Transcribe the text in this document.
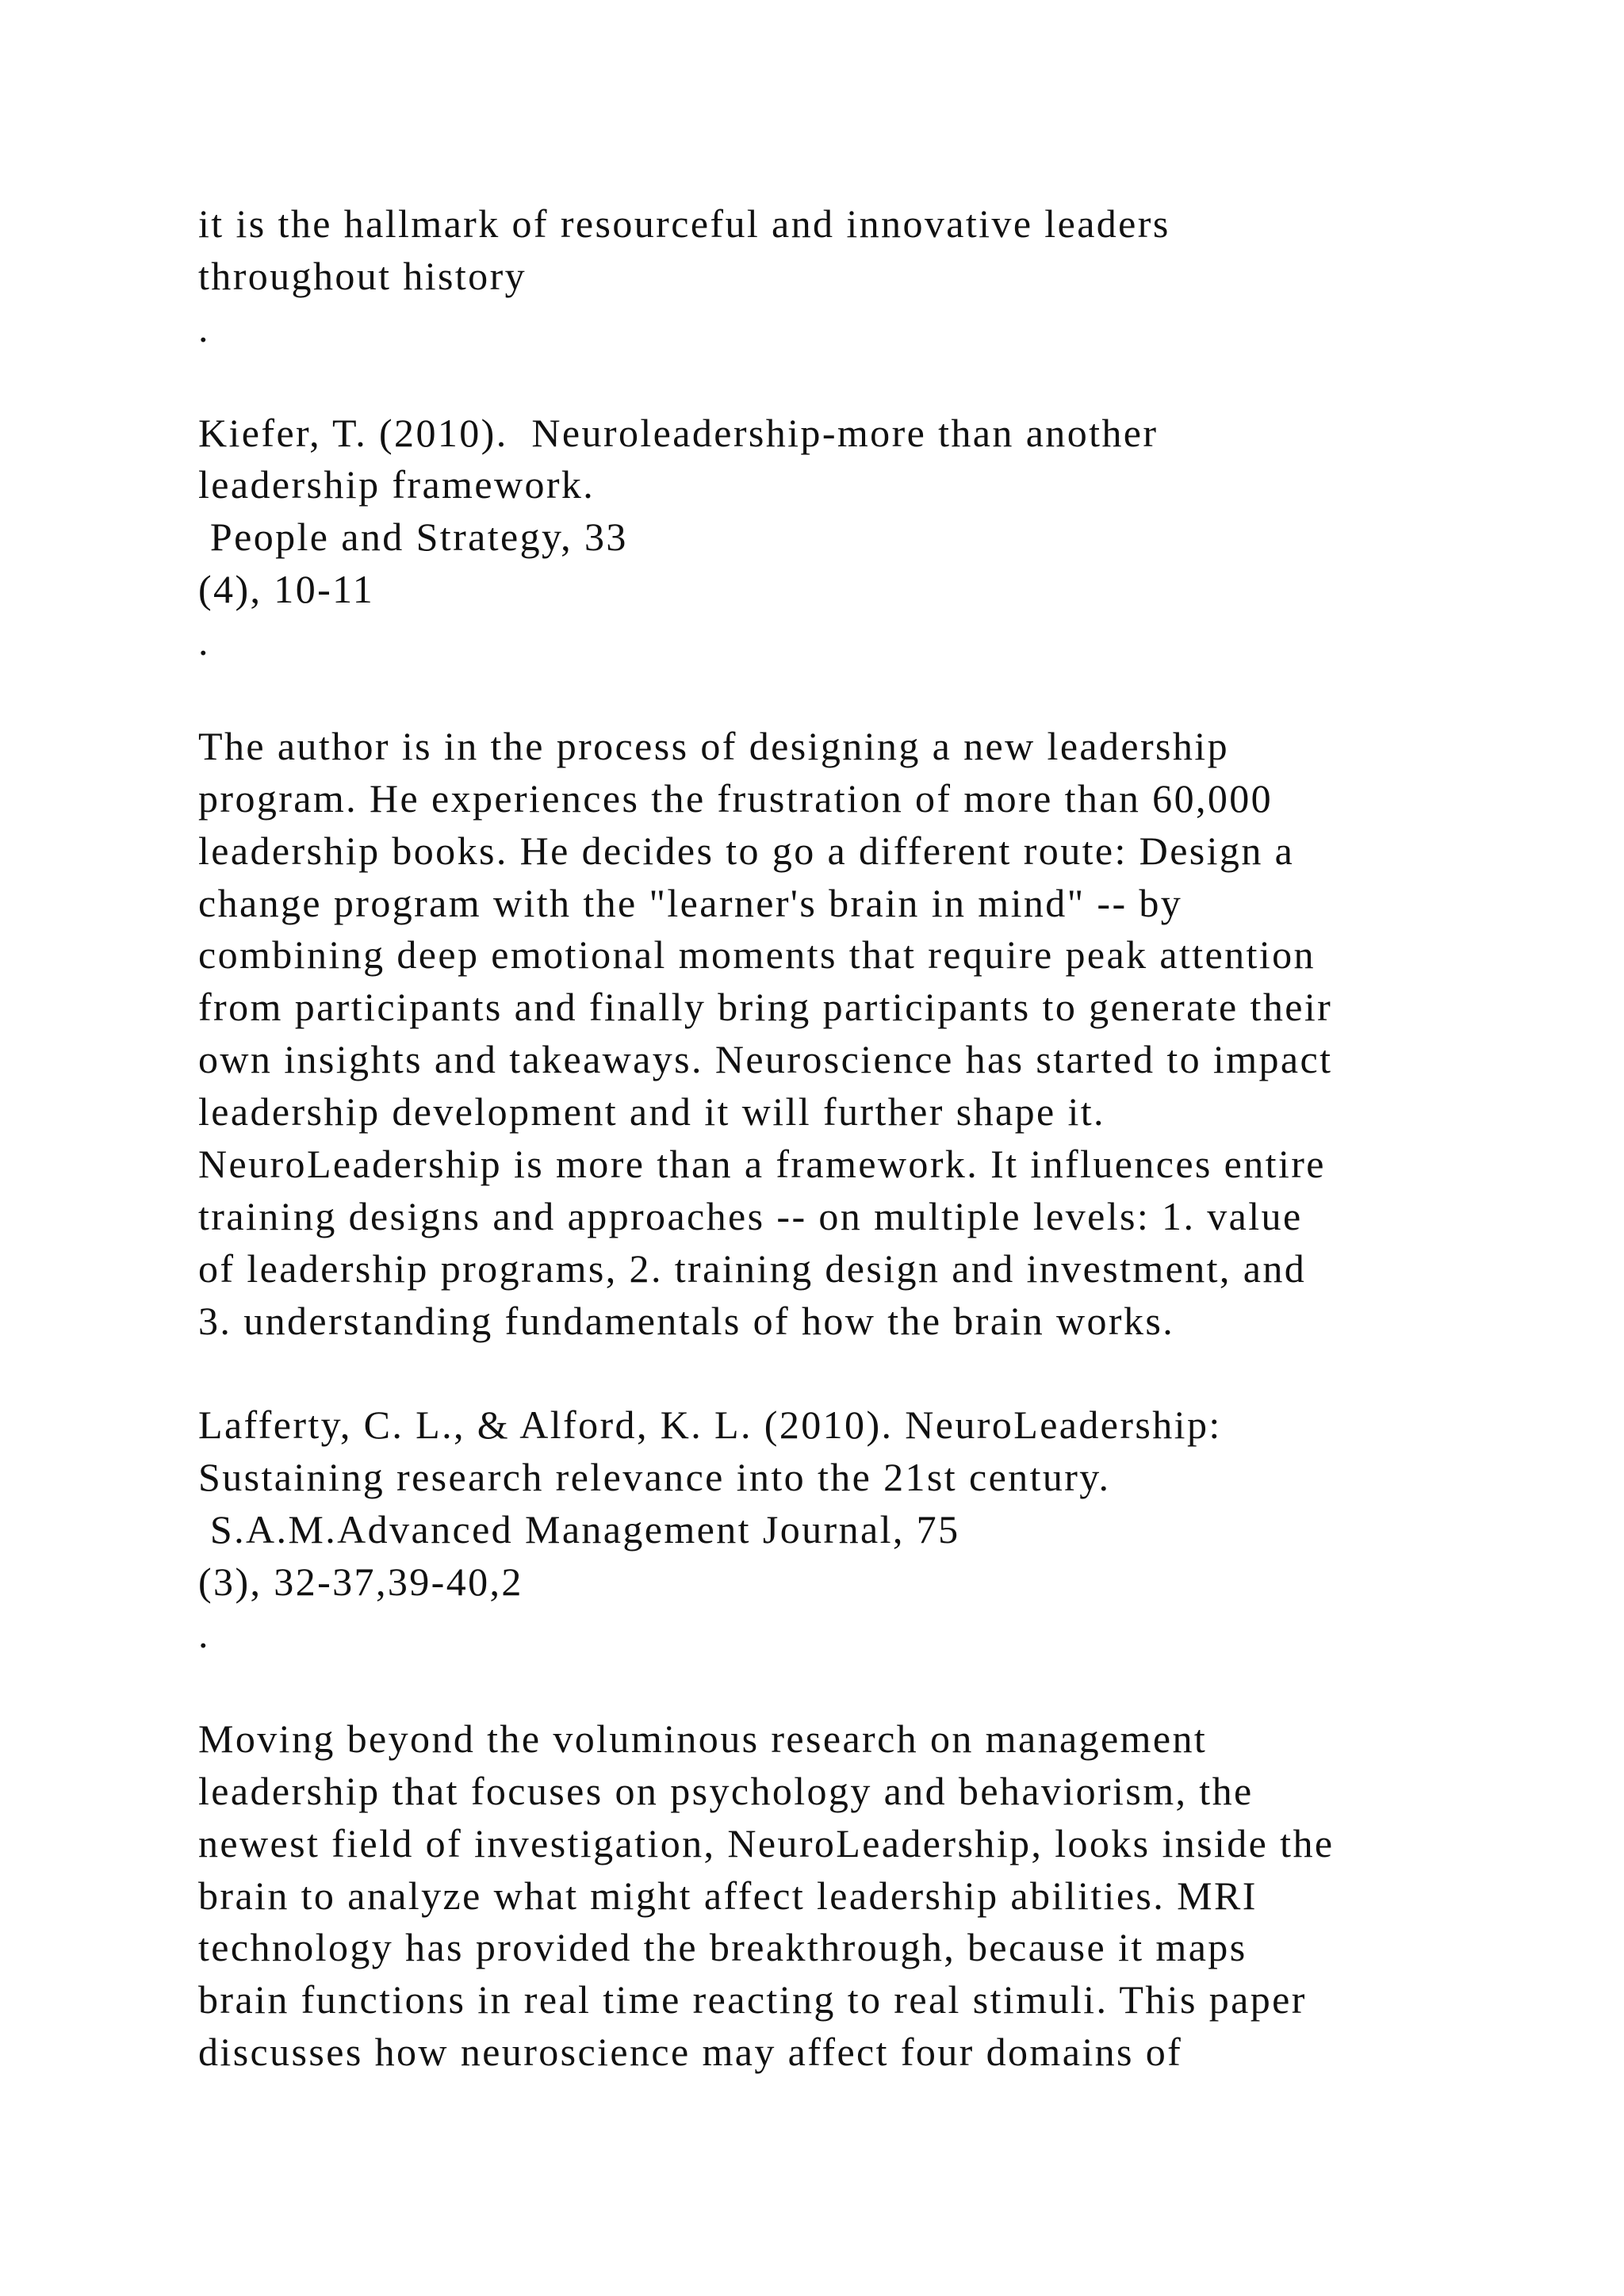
it is the hallmark of resourceful and innovative leaders
throughout history
.
Kiefer, T. (2010).  Neuroleadership-more than another
leadership framework.
People and Strategy, 33
(4), 10-11
.
The author is in the process of designing a new leadership
program. He experiences the frustration of more than 60,000
leadership books. He decides to go a different route: Design a
change program with the "learner's brain in mind" -- by
combining deep emotional moments that require peak attention
from participants and finally bring participants to generate their
own insights and takeaways. Neuroscience has started to impact
leadership development and it will further shape it.
NeuroLeadership is more than a framework. It influences entire
training designs and approaches -- on multiple levels: 1. value
of leadership programs, 2. training design and investment, and
3. understanding fundamentals of how the brain works.
Lafferty, C. L., & Alford, K. L. (2010). NeuroLeadership:
Sustaining research relevance into the 21st century.
S.A.M.Advanced Management Journal, 75
(3), 32-37,39-40,2
.
Moving beyond the voluminous research on management
leadership that focuses on psychology and behaviorism, the
newest field of investigation, NeuroLeadership, looks inside the
brain to analyze what might affect leadership abilities. MRI
technology has provided the breakthrough, because it maps
brain functions in real time reacting to real stimuli. This paper
discusses how neuroscience may affect four domains of
